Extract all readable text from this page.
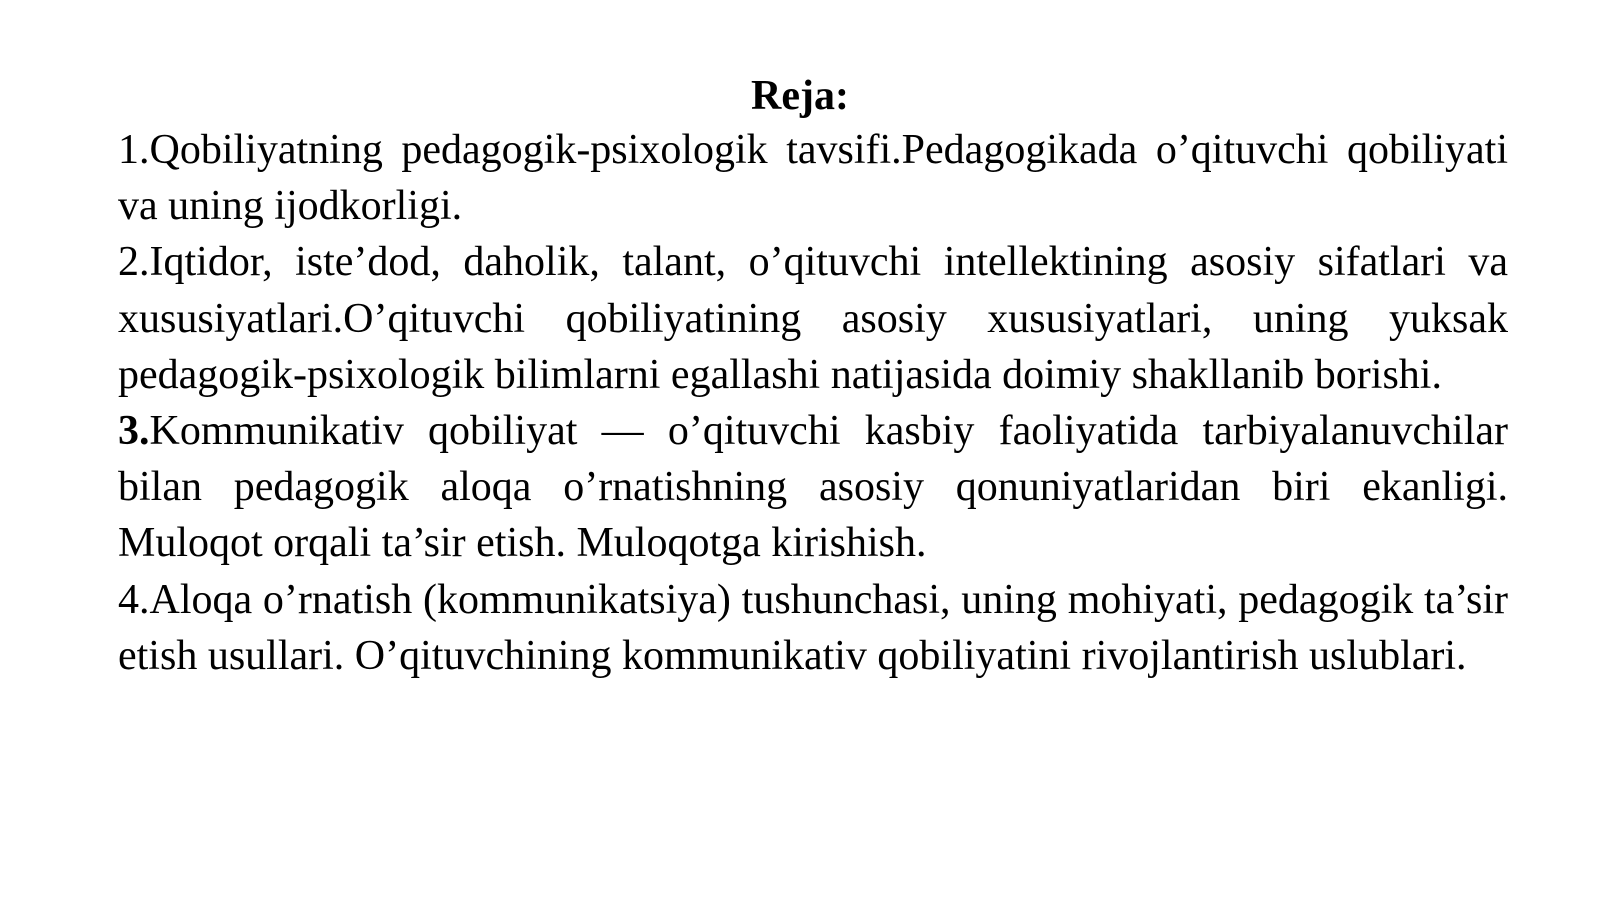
Reja:

1.Qobiliyatning pedagogik-psixologik tavsifi.Pedagogikada o’qituvchi qobiliyati va uning ijodkorligi.

2.Iqtidor, iste’dod, daholik, talant, o’qituvchi intellektining asosiy sifatlari va xususiyatlari.O’qituvchi qobiliyatining asosiy xususiyatlari, uning yuksak pedagogik-psixologik bilimlarni egallashi natijasida doimiy shakllanib borishi.

3.Kommunikativ qobiliyat — o’qituvchi kasbiy faoliyatida tarbiyalanuvchilar bilan pedagogik aloqa o’rnatishning asosiy qonuniyatlaridan biri ekanligi. Muloqot orqali ta’sir etish. Muloqotga kirishish.

4.Aloqa o’rnatish (kommunikatsiya) tushunchasi, uning mohiyati, pedagogik ta’sir etish usullari. O’qituvchining kommunikativ qobiliyatini rivojlantirish uslublari.
